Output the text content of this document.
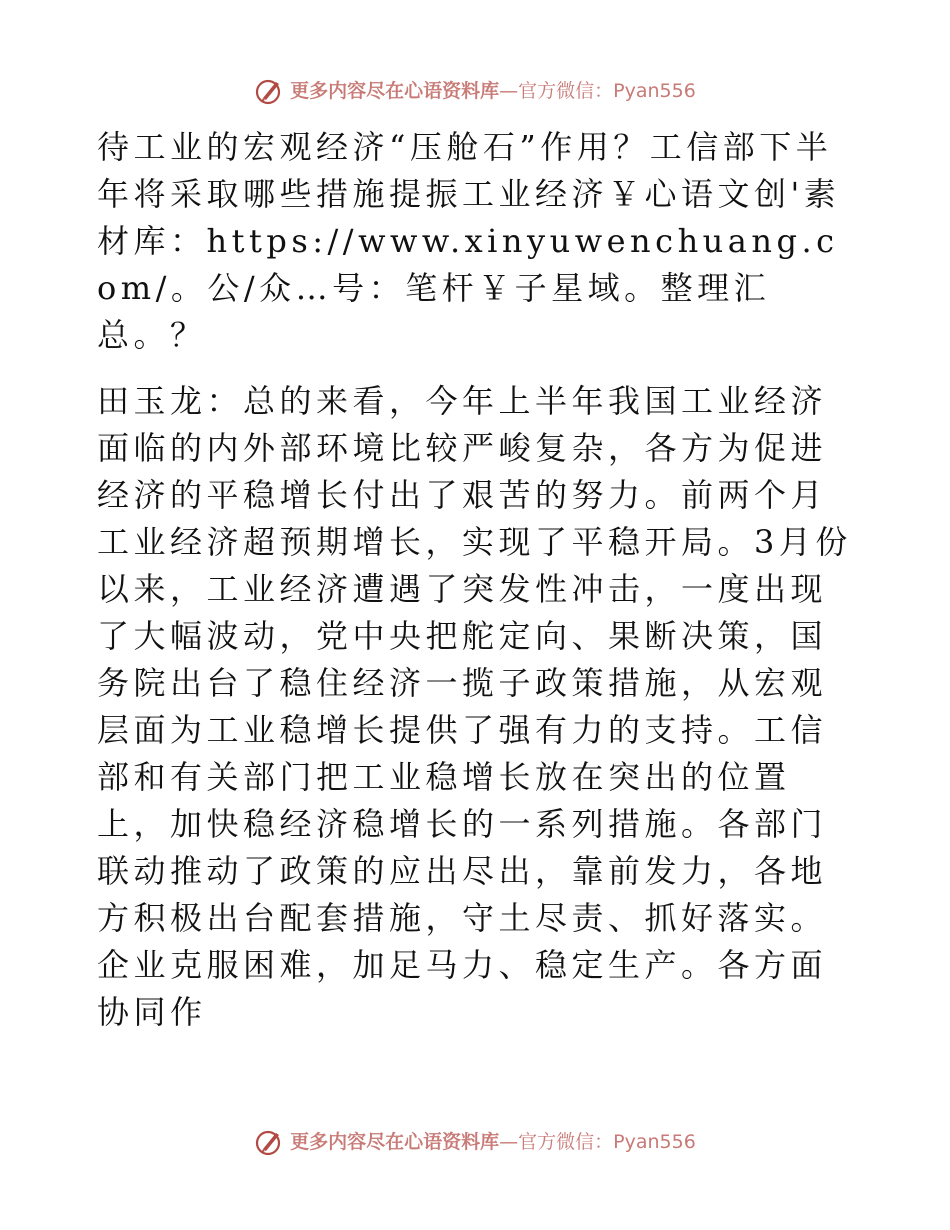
更多内容尽在心语资料库 — 官方微信：Pyan556

待工业的宏观经济“压舱石”作用？工信部下半年将采取哪些措施提振工业经济￥心语文创'素材库：https://www.xinyuwenchuang.com/。公/众…号：笔杆￥子星域。整理汇总。？

田玉龙：总的来看，今年上半年我国工业经济面临的内外部环境比较严峻复杂，各方为促进经济的平稳增长付出了艰苦的努力。前两个月工业经济超预期增长，实现了平稳开局。3月份以来，工业经济遭遇了突发性冲击，一度出现了大幅波动，党中央把舵定向、果断决策，国务院出台了稳住经济一揽子政策措施，从宏观层面为工业稳增长提供了强有力的支持。工信部和有关部门把工业稳增长放在突出的位置上，加快稳经济稳增长的一系列措施。各部门联动推动了政策的应出尽出，靠前发力，各地方积极出台配套措施，守土尽责、抓好落实。企业克服困难，加足马力、稳定生产。各方面协同作

更多内容尽在心语资料库 — 官方微信：Pyan556
